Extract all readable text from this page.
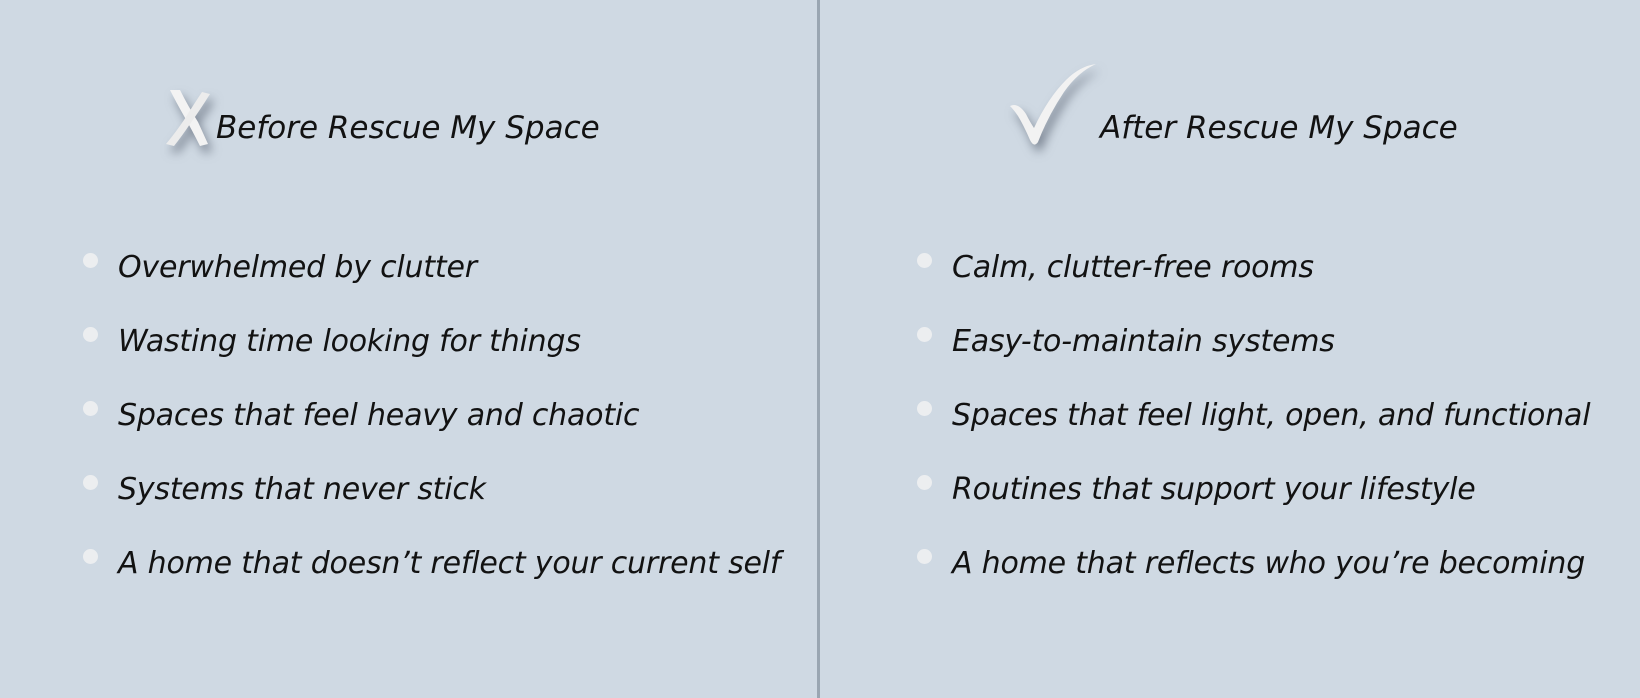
Before Rescue My Space
Overwhelmed by clutter
Wasting time looking for things
Spaces that feel heavy and chaotic
Systems that never stick
A home that doesn’t reflect your current self
After Rescue My Space
Calm, clutter-free rooms
Easy-to-maintain systems
Spaces that feel light, open, and functional
Routines that support your lifestyle
A home that reflects who you’re becoming
